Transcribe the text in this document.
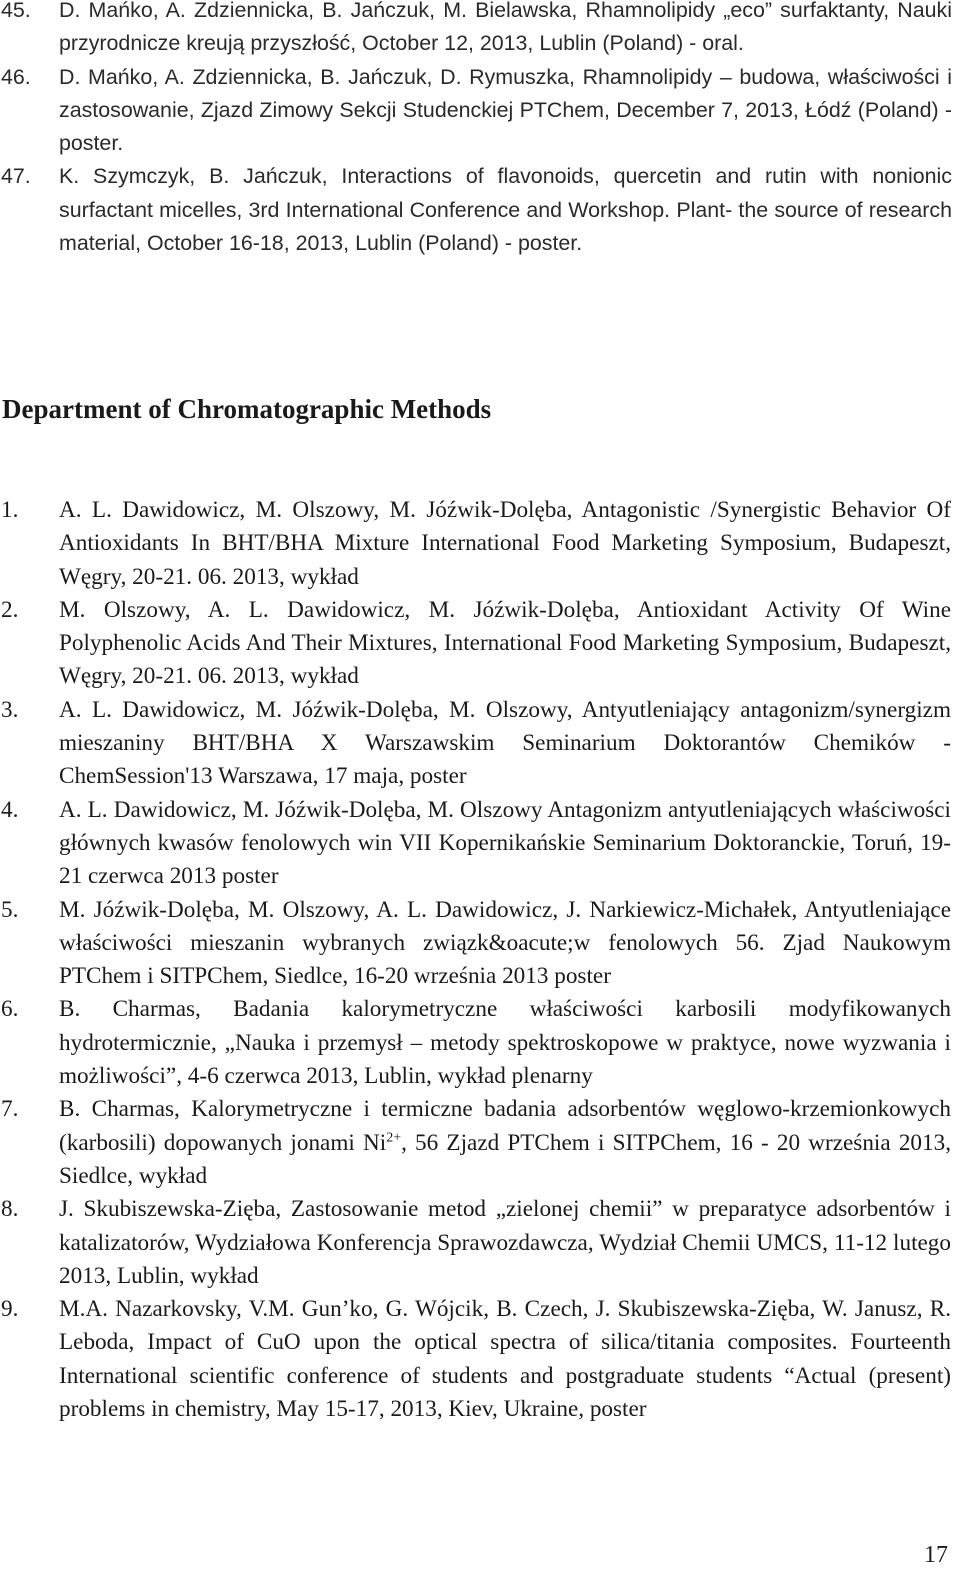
45.	D. Mańko, A. Zdziennicka, B. Jańczuk, M. Bielawska, Rhamnolipidy „eco” surfaktanty, Nauki przyrodnicze kreują przyszłość, October 12, 2013, Lublin (Poland) - oral.
46.	D. Mańko, A. Zdziennicka, B. Jańczuk, D. Rymuszka, Rhamnolipidy – budowa, właściwości i zastosowanie, Zjazd Zimowy Sekcji Studenckiej PTChem, December 7, 2013, Łódź (Poland) - poster.
47.	K. Szymczyk, B. Jańczuk, Interactions of flavonoids, quercetin and rutin with nonionic surfactant micelles, 3rd International Conference and Workshop. Plant- the source of research material, October 16-18, 2013, Lublin (Poland) - poster.
Department of Chromatographic Methods
1.	A. L. Dawidowicz, M. Olszowy, M. Jóźwik-Dolęba, Antagonistic /Synergistic Behavior Of Antioxidants In BHT/BHA Mixture International Food Marketing Symposium, Budapeszt, Węgry, 20-21. 06. 2013, wykład
2.	M. Olszowy, A. L. Dawidowicz, M. Jóźwik-Dolęba, Antioxidant Activity Of Wine Polyphenolic Acids And Their Mixtures, International Food Marketing Symposium, Budapeszt, Węgry, 20-21. 06. 2013, wykład
3.	A. L. Dawidowicz, M. Jóźwik-Dolęba, M. Olszowy, Antyutleniający antagonizm/synergizm mieszaniny BHT/BHA X Warszawskim Seminarium Doktorantów Chemików - ChemSession'13 Warszawa, 17 maja, poster
4.	A. L. Dawidowicz, M. Jóźwik-Dolęba, M. Olszowy Antagonizm antyutleniających właściwości głównych kwasów fenolowych win VII Kopernikańskie Seminarium Doktoranckie, Toruń, 19-21 czerwca 2013 poster
5.	M. Jóźwik-Dolęba, M. Olszowy, A. L. Dawidowicz, J. Narkiewicz-Michałek, Antyutleniające właściwości mieszanin wybranych związk&oacute;w fenolowych 56. Zjad Naukowym PTChem i SITPChem, Siedlce, 16-20 września 2013 poster
6.	B. Charmas, Badania kalorymetryczne właściwości karbosili modyfikowanych hydrotermicznie, „Nauka i przemysł – metody spektroskopowe w praktyce, nowe wyzwania i możliwości”, 4-6 czerwca 2013, Lublin, wykład plenarny
7.	B. Charmas, Kalorymetryczne i termiczne badania adsorbentów węglowo-krzemionkowych (karbosili) dopowanych jonami $Ni^{2+}$, 56 Zjazd PTChem i SITPChem, 16 - 20 września 2013, Siedlce, wykład
8.	J. Skubiszewska-Zięba, Zastosowanie metod „zielonej chemii” w preparatyce adsorbentów i katalizatorów, Wydziałowa Konferencja Sprawozdawcza, Wydział Chemii UMCS, 11-12 lutego 2013, Lublin, wykład
9.	M.A. Nazarkovsky, V.M. Gun’ko, G. Wójcik, B. Czech, J. Skubiszewska-Zięba, W. Janusz, R. Leboda, Impact of CuO upon the optical spectra of silica/titania composites. Fourteenth International scientific conference of students and postgraduate students “Actual (present) problems in chemistry, May 15-17, 2013, Kiev, Ukraine, poster
17
